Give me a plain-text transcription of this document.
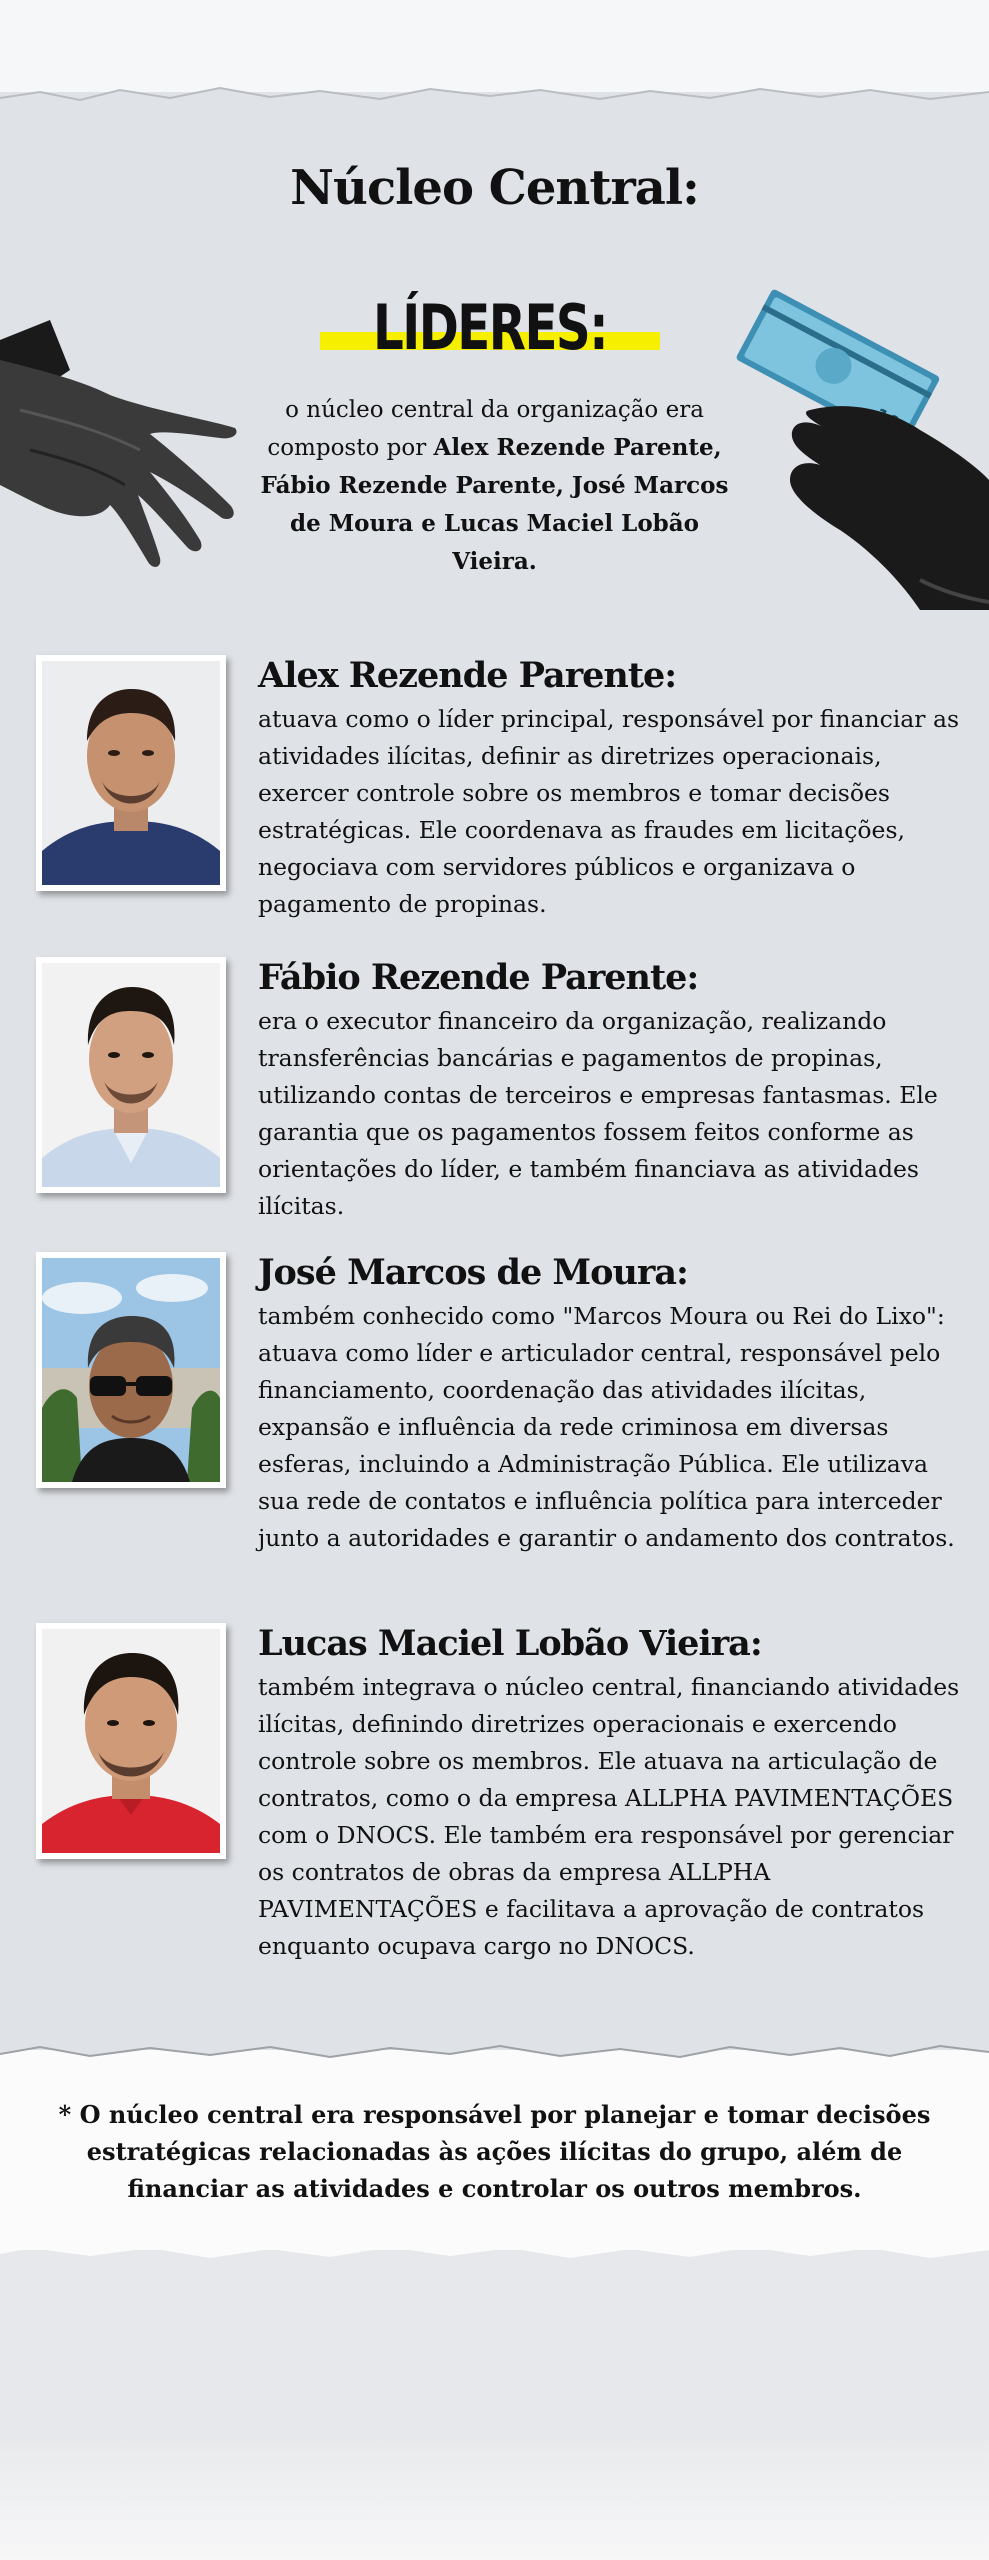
Núcleo Central:
LÍDERES:
o núcleo central da organização era composto por Alex Rezende Parente, Fábio Rezende Parente, José Marcos de Moura e Lucas Maciel Lobão Vieira.
Alex Rezende Parente:
atuava como o líder principal, responsável por financiar as atividades ilícitas, definir as diretrizes operacionais, exercer controle sobre os membros e tomar decisões estratégicas. Ele coordenava as fraudes em licitações, negociava com servidores públicos e organizava o pagamento de propinas.
Fábio Rezende Parente:
era o executor financeiro da organização, realizando transferências bancárias e pagamentos de propinas, utilizando contas de terceiros e empresas fantasmas. Ele garantia que os pagamentos fossem feitos conforme as orientações do líder, e também financiava as atividades ilícitas.
José Marcos de Moura:
também conhecido como "Marcos Moura ou Rei do Lixo": atuava como líder e articulador central, responsável pelo financiamento, coordenação das atividades ilícitas, expansão e influência da rede criminosa em diversas esferas, incluindo a Administração Pública. Ele utilizava sua rede de contatos e influência política para interceder junto a autoridades e garantir o andamento dos contratos.
Lucas Maciel Lobão Vieira:
também integrava o núcleo central, financiando atividades ilícitas, definindo diretrizes operacionais e exercendo controle sobre os membros. Ele atuava na articulação de contratos, como o da empresa ALLPHA PAVIMENTAÇÕES com o DNOCS. Ele também era responsável por gerenciar os contratos de obras da empresa ALLPHA PAVIMENTAÇÕES e facilitava a aprovação de contratos enquanto ocupava cargo no DNOCS.
* O núcleo central era responsável por planejar e tomar decisões estratégicas relacionadas às ações ilícitas do grupo, além de financiar as atividades e controlar os outros membros.
